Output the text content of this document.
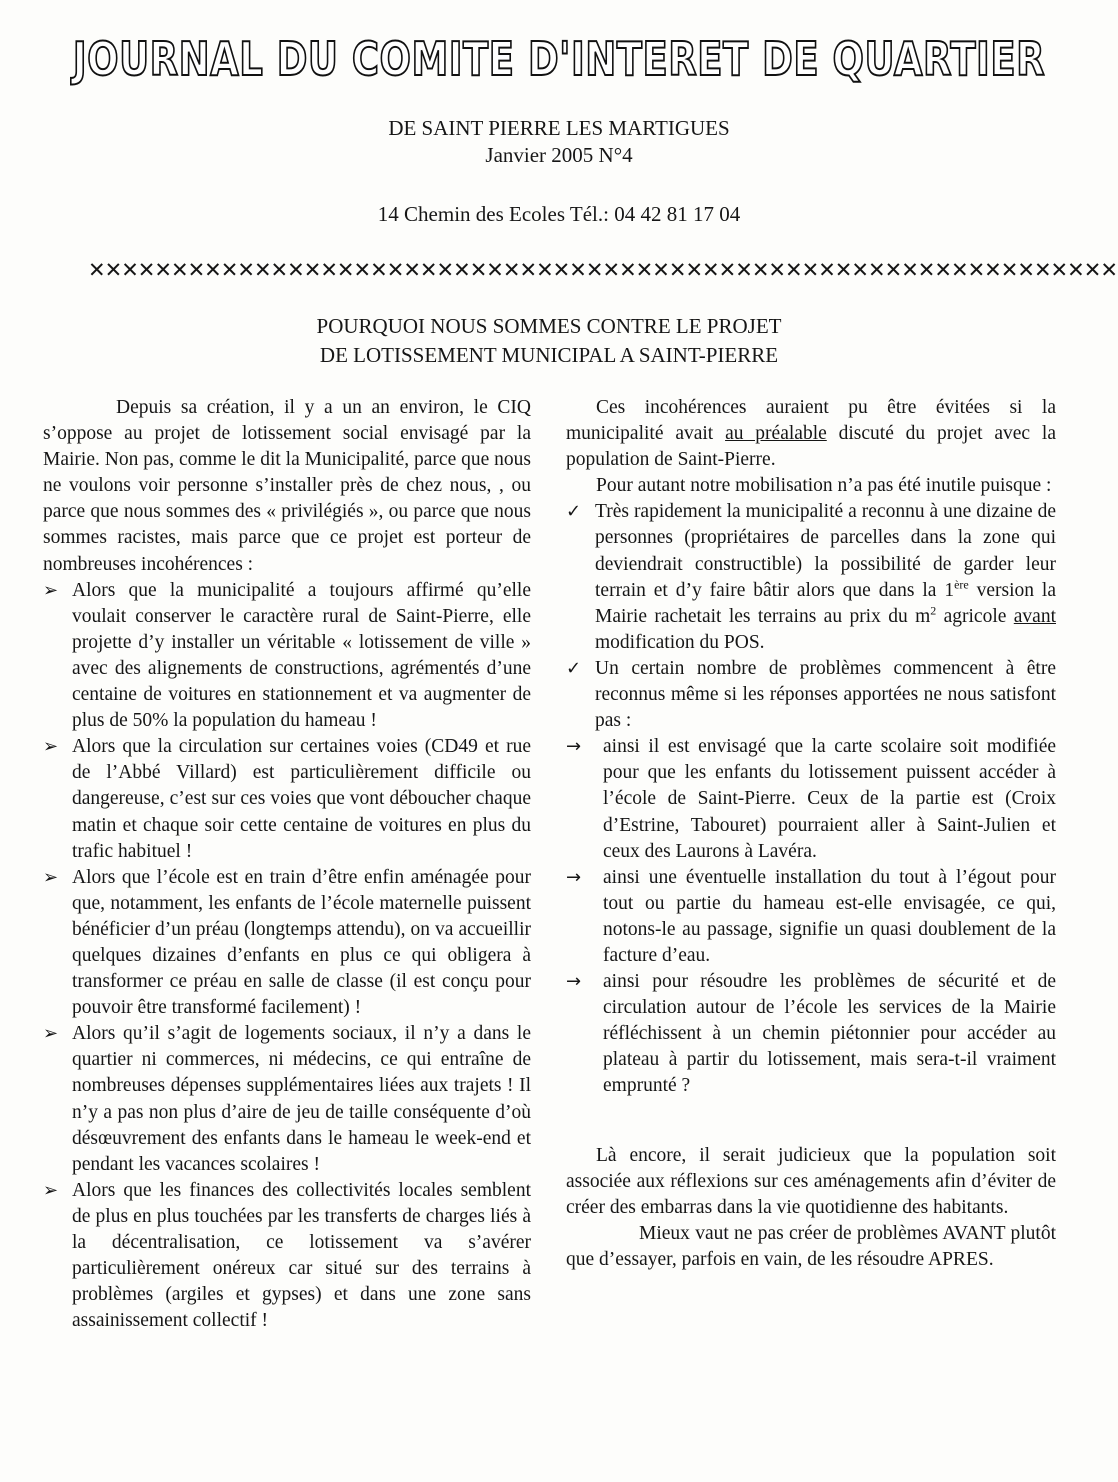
JOURNAL DU COMITE D'INTERET DE QUARTIER
DE SAINT PIERRE LES MARTIGUES
Janvier 2005 N°4
14 Chemin des Ecoles Tél.: 04 42 81 17 04
✕✕✕✕✕✕✕✕✕✕✕✕✕✕✕✕✕✕✕✕✕✕✕✕✕✕✕✕✕✕✕✕✕✕✕✕✕✕✕✕✕✕✕✕✕✕✕✕✕✕✕✕✕✕✕✕✕✕✕✕✕✕
POURQUOI NOUS SOMMES CONTRE LE PROJET
DE LOTISSEMENT MUNICIPAL A SAINT-PIERRE

Depuis sa création, il y a un an environ, le CIQ s’oppose au projet de lotissement social envisagé par la Mairie. Non pas, comme le dit la Municipalité, parce que nous ne voulons voir personne s’installer près de chez nous, , ou parce que nous sommes des « privilégiés », ou parce que nous sommes racistes, mais parce que ce projet est porteur de nombreuses incohérences :

➢ Alors que la municipalité a toujours affirmé qu’elle voulait conserver le caractère rural de Saint-Pierre, elle projette d’y installer un véritable « lotissement de ville » avec des alignements de constructions, agrémentés d’une centaine de voitures en stationnement et va augmenter de plus de 50% la population du hameau !

➢ Alors que la circulation sur certaines voies (CD49 et rue de l’Abbé Villard) est particulièrement difficile ou dangereuse, c’est sur ces voies que vont déboucher chaque matin et chaque soir cette centaine de voitures en plus du trafic habituel !

➢ Alors que l’école est en train d’être enfin aménagée pour que, notamment, les enfants de l’école maternelle puissent bénéficier d’un préau (longtemps attendu), on va accueillir quelques dizaines d’enfants en plus ce qui obligera à transformer ce préau en salle de classe (il est conçu pour pouvoir être transformé facilement) !

➢ Alors qu’il s’agit de logements sociaux, il n’y a dans le quartier ni commerces, ni médecins, ce qui entraîne de nombreuses dépenses supplémentaires liées aux trajets ! Il n’y a pas non plus d’aire de jeu de taille conséquente d’où désœuvrement des enfants dans le hameau le week-end et pendant les vacances scolaires !

➢ Alors que les finances des collectivités locales semblent de plus en plus touchées par les transferts de charges liés à la décentralisation, ce lotissement va s’avérer particulièrement onéreux car situé sur des terrains à problèmes (argiles et gypses) et dans une zone sans assainissement collectif !

Ces incohérences auraient pu être évitées si la municipalité avait au préalable discuté du projet avec la population de Saint-Pierre.

Pour autant notre mobilisation n’a pas été inutile puisque :

✓ Très rapidement la municipalité a reconnu à une dizaine de personnes (propriétaires de parcelles dans la zone qui deviendrait constructible) la possibilité de garder leur terrain et d’y faire bâtir alors que dans la 1ère version la Mairie rachetait les terrains au prix du $m^2$ agricole avant modification du POS.

✓ Un certain nombre de problèmes commencent à être reconnus même si les réponses apportées ne nous satisfont pas :

→ ainsi il est envisagé que la carte scolaire soit modifiée pour que les enfants du lotissement puissent accéder à l’école de Saint-Pierre. Ceux de la partie est (Croix d’Estrine, Tabouret) pourraient aller à Saint-Julien et ceux des Laurons à Lavéra.

→ ainsi une éventuelle installation du tout à l’égout pour tout ou partie du hameau est-elle envisagée, ce qui, notons-le au passage, signifie un quasi doublement de la facture d’eau.

→ ainsi pour résoudre les problèmes de sécurité et de circulation autour de l’école les services de la Mairie réfléchissent à un chemin piétonnier pour accéder au plateau à partir du lotissement, mais sera-t-il vraiment emprunté ?

Là encore, il serait judicieux que la population soit associée aux réflexions sur ces aménagements afin d’éviter de créer des embarras dans la vie quotidienne des habitants.

Mieux vaut ne pas créer de problèmes AVANT plutôt que d’essayer, parfois en vain, de les résoudre APRES.
